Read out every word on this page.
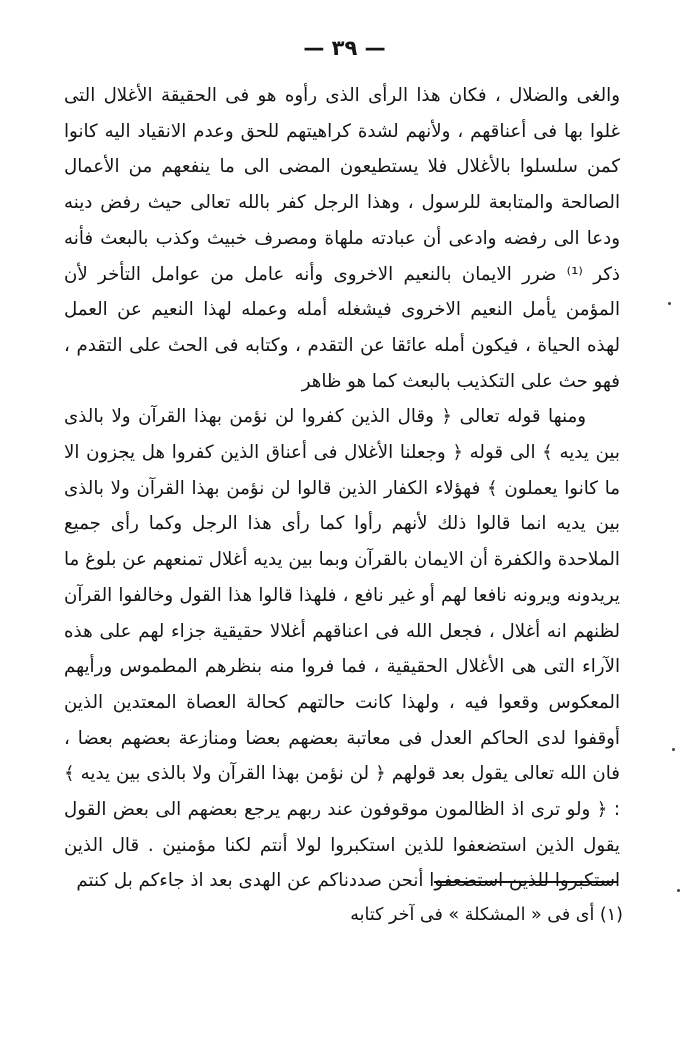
— ٣٩ —

والغى والضلال ، فكان هذا الرأى الذى رأوه هو فى الحقيقة الأغلال التى غلوا بها فى أعناقهم ، ولأنهم لشدة كراهيتهم للحق وعدم الانقياد اليه كانوا كمن سلسلوا بالأغلال فلا يستطيعون المضى الى ما ينفعهم من الأعمال الصالحة والمتابعة للرسول ، وهذا الرجل كفر بالله تعالى حيث رفض دينه ودعا الى رفضه وادعى أن عبادته ملهاة ومصرف خبيث وكذب بالبعث فأنه ذكر ⁽¹⁾ ضرر الايمان بالنعيم الاخروى وأنه عامل من عوامل التأخر لأن المؤمن يأمل النعيم الاخروى فيشغله أمله وعمله لهذا النعيم عن العمل لهذه الحياة ، فيكون أمله عائقا عن التقدم ، وكتابه فى الحث على التقدم ، فهو حث على التكذيب بالبعث كما هو ظاهر

ومنها قوله تعالى ﴿ وقال الذين كفروا لن نؤمن بهذا القرآن ولا بالذى بين يديه ﴾ الى قوله ﴿ وجعلنا الأغلال فى أعناق الذين كفروا هل يجزون الا ما كانوا يعملون ﴾ فهؤلاء الكفار الذين قالوا لن نؤمن بهذا القرآن ولا بالذى بين يديه انما قالوا ذلك لأنهم رأوا كما رأى هذا الرجل وكما رأى جميع الملاحدة والكفرة أن الايمان بالقرآن وبما بين يديه أغلال تمنعهم عن بلوغ ما يريدونه ويرونه نافعا لهم أو غير نافع ، فلهذا قالوا هذا القول وخالفوا القرآن لظنهم انه أغلال ، فجعل الله فى اعناقهم أغلالا حقيقية جزاء لهم على هذه الآراء التى هى الأغلال الحقيقية ، فما فروا منه بنظرهم المطموس ورأيهم المعكوس وقعوا فيه ، ولهذا كانت حالتهم كحالة العصاة المعتدين الذين أوقفوا لدى الحاكم العدل فى معاتبة بعضهم بعضا ومنازعة بعضهم بعضا ، فان الله تعالى يقول بعد قولهم ﴿ لن نؤمن بهذا القرآن ولا بالذى بين يديه ﴾ : ﴿ ولو ترى اذ الظالمون موقوفون عند ربهم يرجع بعضهم الى بعض القول يقول الذين استضعفوا للذين استكبروا لولا أنتم لكنا مؤمنين . قال الذين استكبروا للذين استضعفوا أنحن صددناكم عن الهدى بعد اذ جاءكم بل كنتم

(١) أى فى « المشكلة » فى آخر كتابه
